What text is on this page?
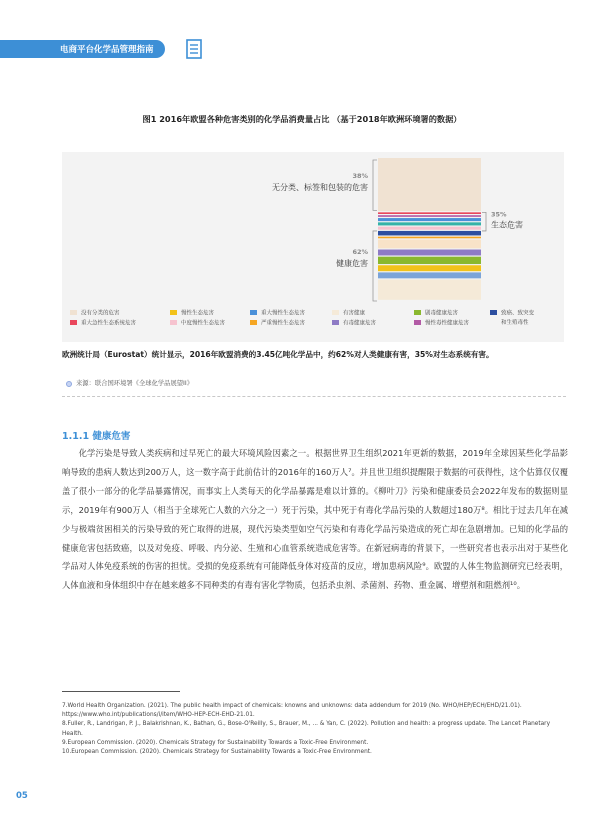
电商平台化学品管理指南
图1 2016年欧盟各种危害类别的化学品消费量占比 （基于2018年欧洲环境署的数据）
38%
无分类、标签和包装的危害
35%
生态危害
62%
健康危害
没有分类的危害	慢性生态危害	重大慢性生态危害	有害健康	剧毒健康危害	致癌、致突变
重大急性生态系统危害	中度慢性生态危害	严重慢性生态危害	有毒健康危害	慢性毒性健康危害	和生殖毒性
欧洲统计局（Eurostat）统计显示，2016年欧盟消费的3.45亿吨化学品中，约62%对人类健康有害，35%对生态系统有害。
来源：联合国环境署《全球化学品展望II》
1.1.1 健康危害

化学污染是导致人类疾病和过早死亡的最大环境风险因素之一。根据世界卫生组织2021年更新的数据，2019年全球因某些化学品影响导致的患病人数达到200万人，这一数字高于此前估计的2016年的160万人⁷。并且世卫组织提醒限于数据的可获得性，这个估算仅仅覆盖了很小一部分的化学品暴露情况，而事实上人类每天的化学品暴露是难以计算的。《柳叶刀》污染和健康委员会2022年发布的数据则显示，2019年有900万人（相当于全球死亡人数的六分之一）死于污染，其中死于有毒化学品污染的人数超过180万⁸。相比于过去几年在减少与极端贫困相关的污染导致的死亡取得的进展，现代污染类型如空气污染和有毒化学品污染造成的死亡却在急剧增加。已知的化学品的健康危害包括致癌，以及对免疫、呼吸、内分泌、生殖和心血管系统造成危害等。在新冠病毒的背景下，一些研究者也表示出对于某些化学品对人体免疫系统的伤害的担忧。受损的免疫系统有可能降低身体对疫苗的反应，增加患病风险⁹。欧盟的人体生物监测研究已经表明，人体血液和身体组织中存在越来越多不同种类的有毒有害化学物质，包括杀虫剂、杀菌剂、药物、重金属、增塑剂和阻燃剂¹⁰。

7.World Health Organization. (2021). The public health impact of chemicals: knowns and unknowns: data addendum for 2019 (No. WHO/HEP/ECH/EHD/21.01). https://www.who.int/publications/i/item/WHO-HEP-ECH-EHD-21.01.
8.Fuller, R., Landrigan, P. J., Balakrishnan, K., Bathan, G., Bose-O'Reilly, S., Brauer, M., ... & Yan, C. (2022). Pollution and health: a progress update. The Lancet Planetary Health.
9.European Commission. (2020). Chemicals Strategy for Sustainability Towards a Toxic-Free Environment.
10.European Commission. (2020). Chemicals Strategy for Sustainability Towards a Toxic-Free Environment.
05
